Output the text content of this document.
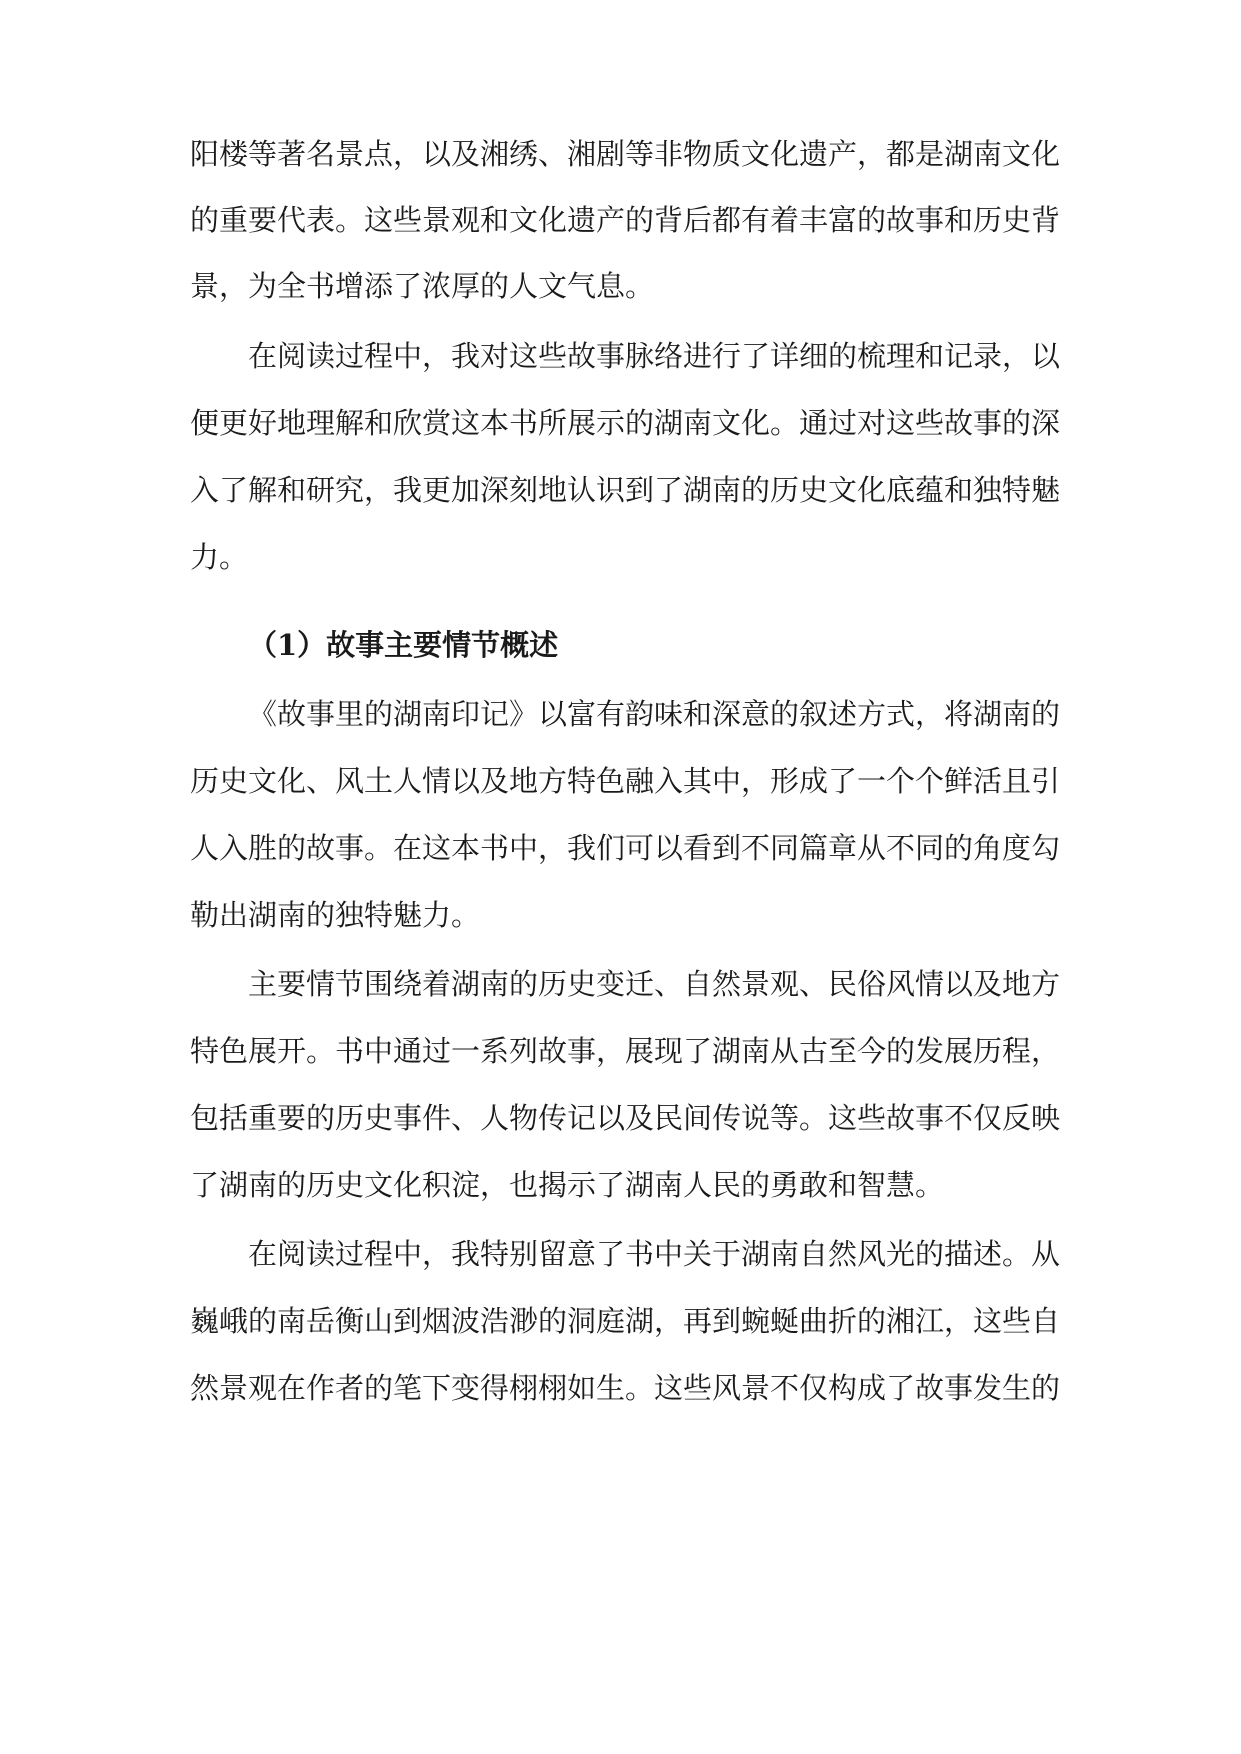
阳楼等著名景点，以及湘绣、湘剧等非物质文化遗产，都是湖南文化
的重要代表。这些景观和文化遗产的背后都有着丰富的故事和历史背
景，为全书增添了浓厚的人文气息。
在阅读过程中，我对这些故事脉络进行了详细的梳理和记录，以
便更好地理解和欣赏这本书所展示的湖南文化。通过对这些故事的深
入了解和研究，我更加深刻地认识到了湖南的历史文化底蕴和独特魅
力。
（1）故事主要情节概述
《故事里的湖南印记》以富有韵味和深意的叙述方式，将湖南的
历史文化、风土人情以及地方特色融入其中，形成了一个个鲜活且引
人入胜的故事。在这本书中，我们可以看到不同篇章从不同的角度勾
勒出湖南的独特魅力。
主要情节围绕着湖南的历史变迁、自然景观、民俗风情以及地方
特色展开。书中通过一系列故事，展现了湖南从古至今的发展历程，
包括重要的历史事件、人物传记以及民间传说等。这些故事不仅反映
了湖南的历史文化积淀，也揭示了湖南人民的勇敢和智慧。
在阅读过程中，我特别留意了书中关于湖南自然风光的描述。从
巍峨的南岳衡山到烟波浩渺的洞庭湖，再到蜿蜒曲折的湘江，这些自
然景观在作者的笔下变得栩栩如生。这些风景不仅构成了故事发生的
